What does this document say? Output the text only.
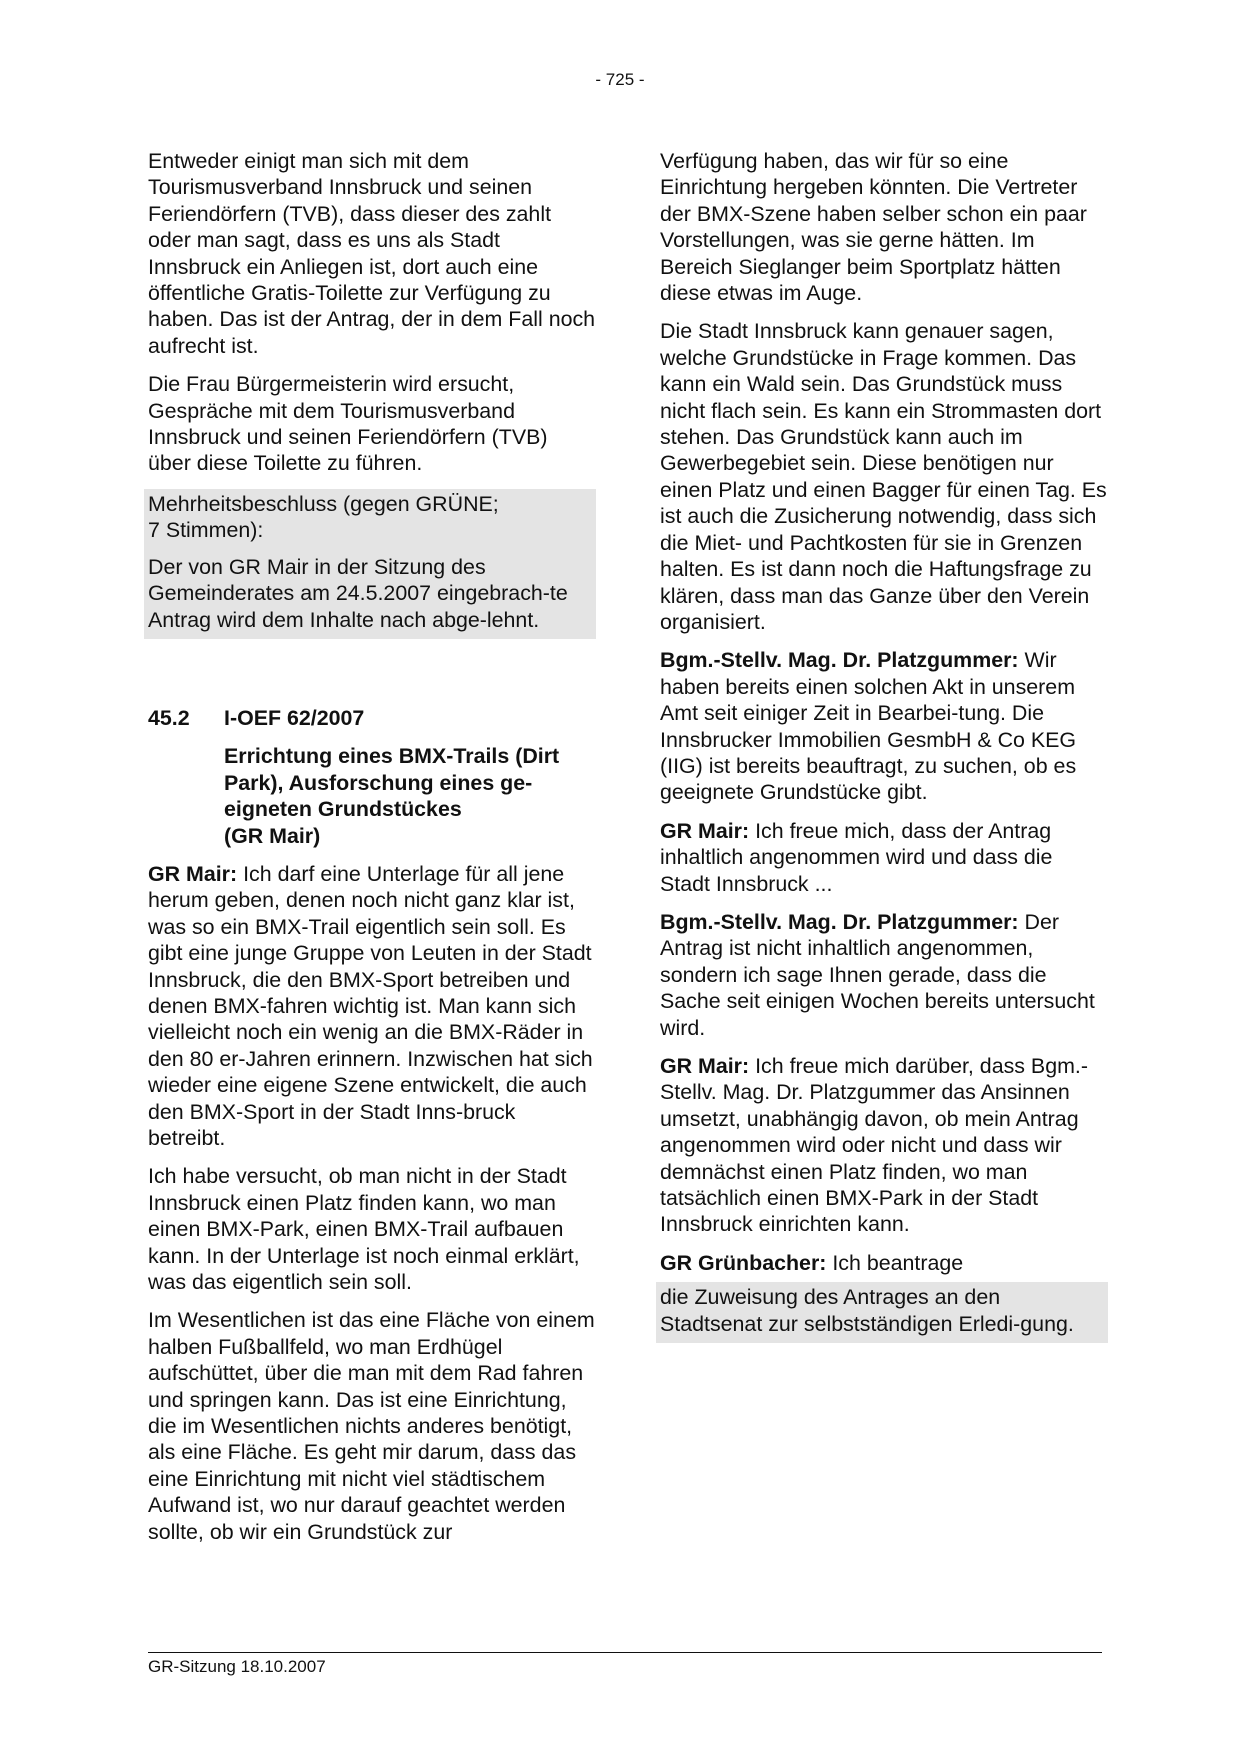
- 725 -

Entweder einigt man sich mit dem Tourismusverband Innsbruck und seinen Feriendörfern (TVB), dass dieser des zahlt oder man sagt, dass es uns als Stadt Innsbruck ein Anliegen ist, dort auch eine öffentliche Gratis-Toilette zur Verfügung zu haben. Das ist der Antrag, der in dem Fall noch aufrecht ist.

Die Frau Bürgermeisterin wird ersucht, Gespräche mit dem Tourismusverband Innsbruck und seinen Feriendörfern (TVB) über diese Toilette zu führen.

Mehrheitsbeschluss (gegen GRÜNE;
7 Stimmen):
Der von GR Mair in der Sitzung des Gemeinderates am 24.5.2007 eingebrach-te Antrag wird dem Inhalte nach abge-lehnt.
45.2	I-OEF 62/2007
Errichtung eines BMX-Trails (Dirt Park), Ausforschung eines ge-eigneten Grundstückes
(GR Mair)

GR Mair: Ich darf eine Unterlage für all jene herum geben, denen noch nicht ganz klar ist, was so ein BMX-Trail eigentlich sein soll. Es gibt eine junge Gruppe von Leuten in der Stadt Innsbruck, die den BMX-Sport betreiben und denen BMX-fahren wichtig ist. Man kann sich vielleicht noch ein wenig an die BMX-Räder in den 80 er-Jahren erinnern. Inzwischen hat sich wieder eine eigene Szene entwickelt, die auch den BMX-Sport in der Stadt Inns-bruck betreibt.

Ich habe versucht, ob man nicht in der Stadt Innsbruck einen Platz finden kann, wo man einen BMX-Park, einen BMX-Trail aufbauen kann. In der Unterlage ist noch einmal erklärt, was das eigentlich sein soll.

Im Wesentlichen ist das eine Fläche von einem halben Fußballfeld, wo man Erdhügel aufschüttet, über die man mit dem Rad fahren und springen kann. Das ist eine Einrichtung, die im Wesentlichen nichts anderes benötigt, als eine Fläche. Es geht mir darum, dass das eine Einrichtung mit nicht viel städtischem Aufwand ist, wo nur darauf geachtet werden sollte, ob wir ein Grundstück zur

Verfügung haben, das wir für so eine Einrichtung hergeben könnten. Die Vertreter der BMX-Szene haben selber schon ein paar Vorstellungen, was sie gerne hätten. Im Bereich Sieglanger beim Sportplatz hätten diese etwas im Auge.

Die Stadt Innsbruck kann genauer sagen, welche Grundstücke in Frage kommen. Das kann ein Wald sein. Das Grundstück muss nicht flach sein. Es kann ein Strommasten dort stehen. Das Grundstück kann auch im Gewerbegebiet sein. Diese benötigen nur einen Platz und einen Bagger für einen Tag. Es ist auch die Zusicherung notwendig, dass sich die Miet- und Pachtkosten für sie in Grenzen halten. Es ist dann noch die Haftungsfrage zu klären, dass man das Ganze über den Verein organisiert.

Bgm.-Stellv. Mag. Dr. Platzgummer: Wir haben bereits einen solchen Akt in unserem Amt seit einiger Zeit in Bearbei-tung. Die Innsbrucker Immobilien GesmbH & Co KEG (IIG) ist bereits beauftragt, zu suchen, ob es geeignete Grundstücke gibt.

GR Mair: Ich freue mich, dass der Antrag inhaltlich angenommen wird und dass die Stadt Innsbruck ...

Bgm.-Stellv. Mag. Dr. Platzgummer: Der Antrag ist nicht inhaltlich angenommen, sondern ich sage Ihnen gerade, dass die Sache seit einigen Wochen bereits untersucht wird.

GR Mair: Ich freue mich darüber, dass Bgm.-Stellv. Mag. Dr. Platzgummer das Ansinnen umsetzt, unabhängig davon, ob mein Antrag angenommen wird oder nicht und dass wir demnächst einen Platz finden, wo man tatsächlich einen BMX-Park in der Stadt Innsbruck einrichten kann.

GR Grünbacher: Ich beantrage

die Zuweisung des Antrages an den Stadtsenat zur selbstständigen Erledi-gung.
GR-Sitzung 18.10.2007
